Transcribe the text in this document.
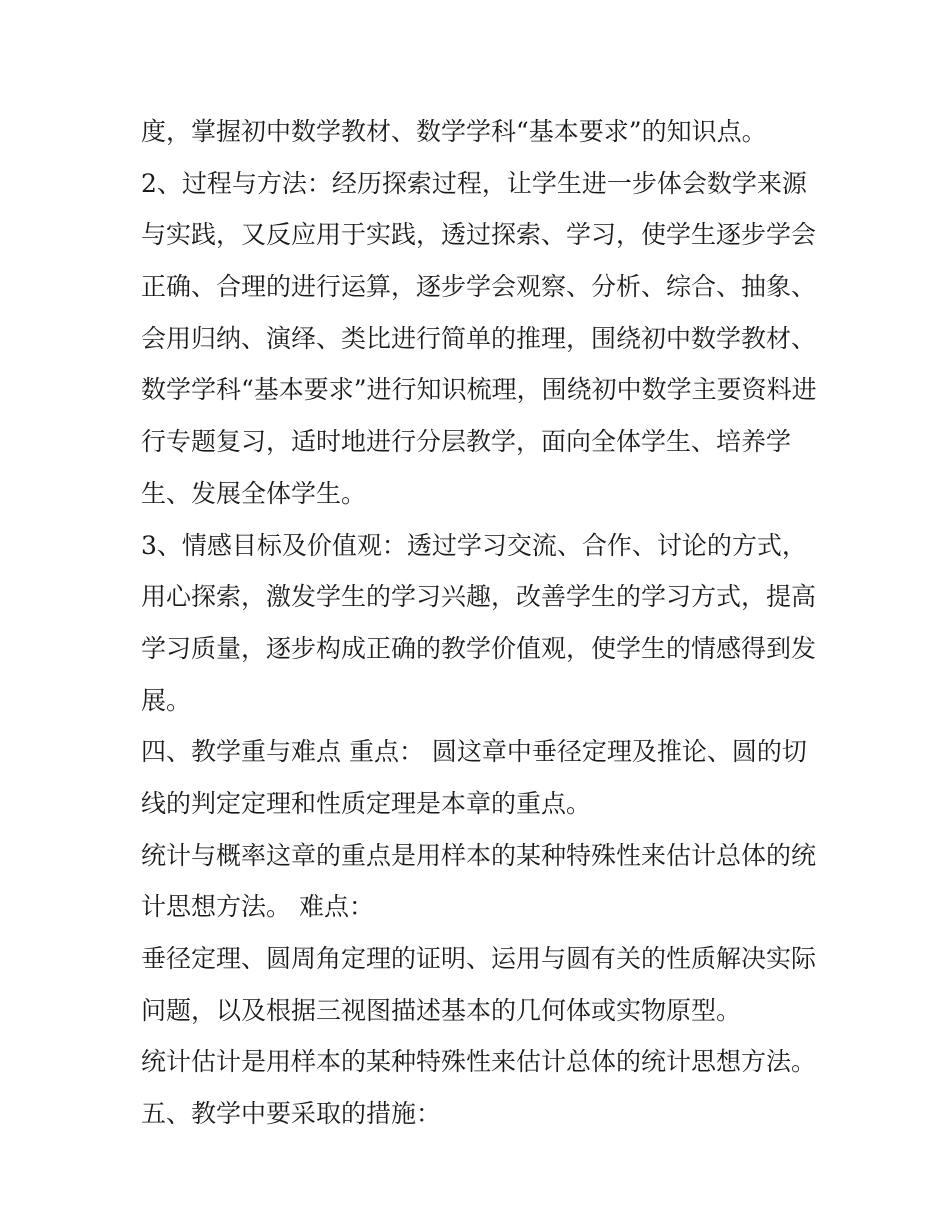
度，掌握初中数学教材、数学学科“基本要求”的知识点。
2、过程与方法：经历探索过程，让学生进一步体会数学来源
与实践，又反应用于实践，透过探索、学习，使学生逐步学会
正确、合理的进行运算，逐步学会观察、分析、综合、抽象、
会用归纳、演绎、类比进行简单的推理，围绕初中数学教材、
数学学科“基本要求”进行知识梳理，围绕初中数学主要资料进
行专题复习，适时地进行分层教学，面向全体学生、培养学
生、发展全体学生。
3、情感目标及价值观：透过学习交流、合作、讨论的方式，
用心探索，激发学生的学习兴趣，改善学生的学习方式，提高
学习质量，逐步构成正确的教学价值观，使学生的情感得到发
展。
四、教学重与难点 重点： 圆这章中垂径定理及推论、圆的切
线的判定定理和性质定理是本章的重点。
统计与概率这章的重点是用样本的某种特殊性来估计总体的统
计思想方法。 难点：
垂径定理、圆周角定理的证明、运用与圆有关的性质解决实际
问题，以及根据三视图描述基本的几何体或实物原型。
统计估计是用样本的某种特殊性来估计总体的统计思想方法。
五、教学中要采取的措施：
